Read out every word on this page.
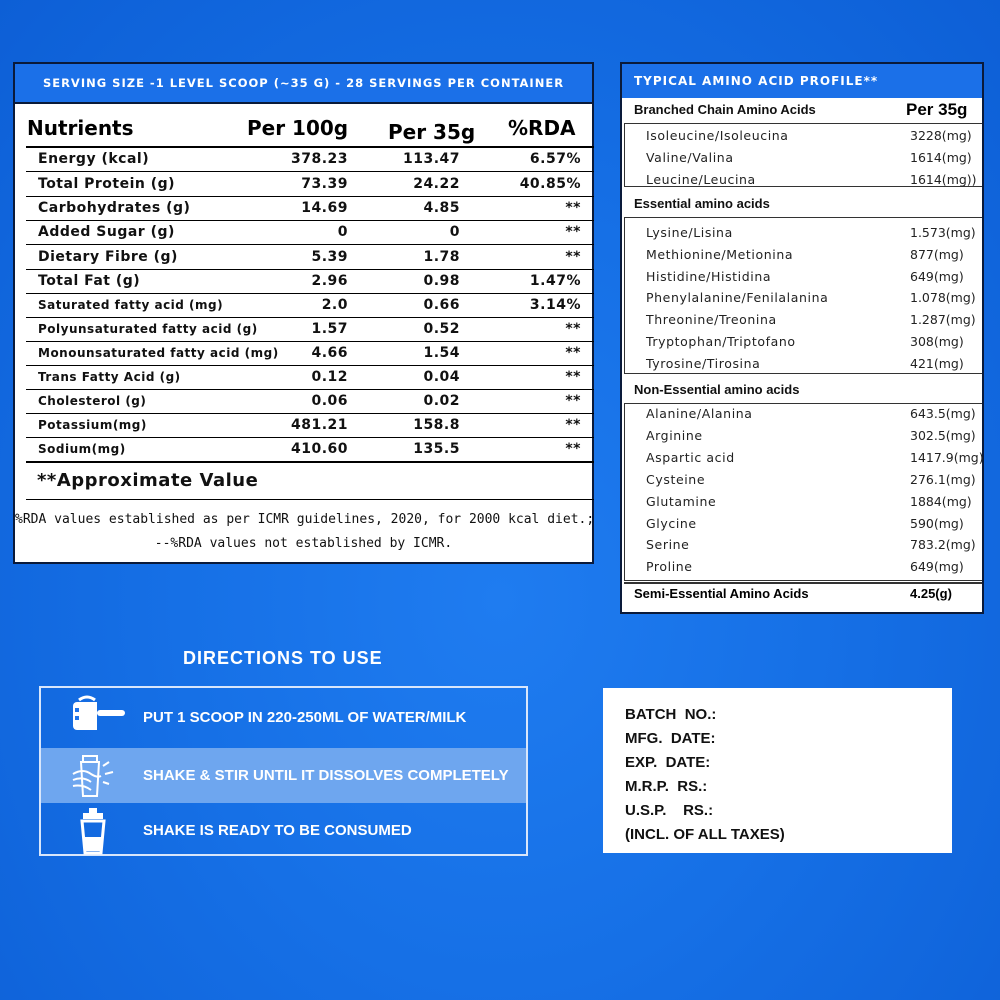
SERVING SIZE -1 LEVEL SCOOP (~35 G) - 28 SERVINGS PER CONTAINER
Nutrients	Per 100g Per 35g %RDA
Energy (kcal)	378.23	113.47	6.57%
Total Protein (g)	73.39	24.22	40.85%
Carbohydrates (g)	14.69	4.85	**
Added Sugar (g)	0	0	**
Dietary Fibre (g)	5.39	1.78	**
Total Fat (g)	2.96	0.98	1.47%
Saturated fatty acid (mg)	2.0	0.66	3.14%
Polyunsaturated fatty acid (g)	1.57	0.52	**
Monounsaturated fatty acid (mg)	4.66	1.54	**
Trans Fatty Acid (g)	0.12	0.04	**
Cholesterol (g)	0.06	0.02	**
Potassium(mg)	481.21	158.8	**
Sodium(mg)	410.60	135.5	**

**Approximate Value

%RDA values established as per ICMR guidelines, 2020, for 2000 kcal diet.;
--%RDA values not established by ICMR.
TYPICAL AMINO ACID PROFILE**
Per 35g
Branched Chain Amino Acids
Isoleucine/Isoleucina	3228(mg)
Valine/Valina	1614(mg)
Leucine/Leucina	1614(mg))
Essential amino acids
Lysine/Lisina	1.573(mg)
Methionine/Metionina	877(mg)
Histidine/Histidina	649(mg)
Phenylalanine/Fenilalanina	1.078(mg)
Threonine/Treonina	1.287(mg)
Tryptophan/Triptofano	308(mg)
Tyrosine/Tirosina	421(mg)
Non-Essential amino acids
Alanine/Alanina	643.5(mg)
Arginine	302.5(mg)
Aspartic acid	1417.9(mg)
Cysteine	276.1(mg)
Glutamine	1884(mg)
Glycine	590(mg)
Serine	783.2(mg)
Proline	649(mg)
Semi-Essential Amino Acids	4.25(g)
DIRECTIONS TO USE
PUT 1 SCOOP IN 220-250ML OF WATER/MILK
SHAKE & STIR UNTIL IT DISSOLVES COMPLETELY
SHAKE IS READY TO BE CONSUMED
BATCH  NO.:
MFG.  DATE:
EXP.  DATE:
M.R.P.  RS.:
U.S.P.    RS.:
(INCL. OF ALL TAXES)
